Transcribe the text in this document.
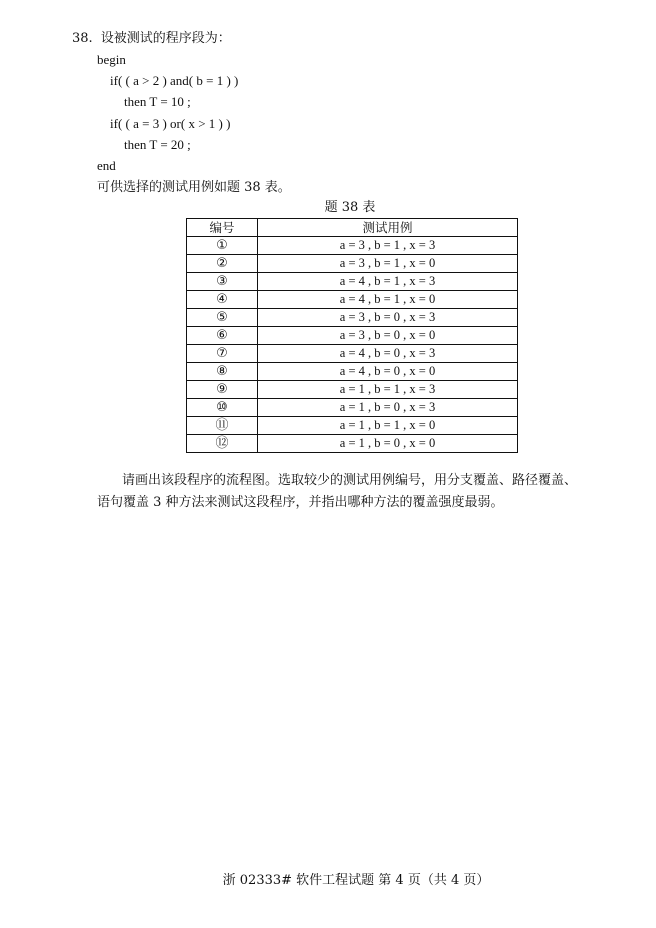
38. 设被测试的程序段为：
begin
if( ( a > 2 ) and( b = 1 ) )
then T = 10 ;
if( ( a = 3 ) or( x > 1 ) )
then T = 20 ;
end
可供选择的测试用例如题 38 表。
题 38 表
编号	测试用例
①	a = 3 , b = 1 , x = 3
②	a = 3 , b = 1 , x = 0
③	a = 4 , b = 1 , x = 3
④	a = 4 , b = 1 , x = 0
⑤	a = 3 , b = 0 , x = 3
⑥	a = 3 , b = 0 , x = 0
⑦	a = 4 , b = 0 , x = 3
⑧	a = 4 , b = 0 , x = 0
⑨	a = 1 , b = 1 , x = 3
⑩	a = 1 , b = 0 , x = 3
⑪	a = 1 , b = 1 , x = 0
⑫	a = 1 , b = 0 , x = 0
请画出该段程序的流程图。选取较少的测试用例编号，用分支覆盖、路径覆盖、
语句覆盖 3 种方法来测试这段程序，并指出哪种方法的覆盖强度最弱。
浙 02333# 软件工程试题 第 4 页（共 4 页）
